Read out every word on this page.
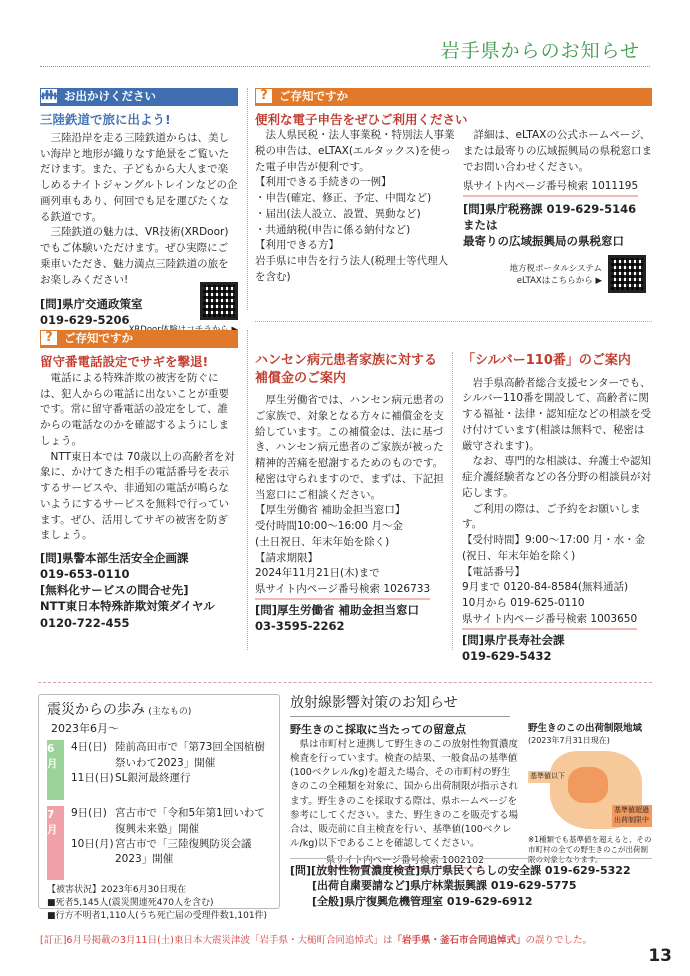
岩手県からのお知らせ
👪︎ お出かけください
三陸鉄道で旅に出よう!
三陸沿岸を走る三陸鉄道からは、美しい海岸と地形が織りなす絶景をご覧いただけます。また、子どもから大人まで楽しめるナイトジャングルトレインなどの企画列車もあり、何回でも足を運びたくなる鉄道です。
三陸鉄道の魅力は、VR技術(XRDoor)でもご体験いただけます。ぜひ実際にご乗車いただき、魅力満点三陸鉄道の旅をお楽しみください!
[問]県庁交通政策室
019-629-5206
? ご存知ですか
便利な電子申告をぜひご利用ください
法人県民税・法人事業税・特別法人事業税の申告は、eLTAX(エルタックス)を使った電子申告が便利です。
【利用できる手続きの一例】
・申告(確定、修正、予定、中間など)
・届出(法人設立、設置、異動など)
・共通納税(申告に係る納付など)
【利用できる方】
岩手県に申告を行う法人(税理士等代理人を含む)
詳細は、eLTAXの公式ホームページ、または最寄りの広域振興局の県税窓口までお問い合わせください。
県サイト内ページ番号検索 1011195
[問]県庁税務課 019-629-5146
または
最寄りの広域振興局の県税窓口
地方税ポータルシステム
eLTAXはこちらから ▶
? ご存知ですか
留守番電話設定でサギを撃退!
電話による特殊詐欺の被害を防ぐには、犯人からの電話に出ないことが重要です。常に留守番電話の設定をして、誰からの電話なのかを確認するようにしましょう。
NTT東日本では 70歳以上の高齢者を対象に、かけてきた相手の電話番号を表示するサービスや、非通知の電話が鳴らないようにするサービスを無料で行っています。ぜひ、活用してサギの被害を防ぎましょう。
[問]県警本部生活安全企画課
019-653-0110
[無料化サービスの問合せ先]
NTT東日本特殊詐欺対策ダイヤル
0120-722-455
ハンセン病元患者家族に対する補償金のご案内
厚生労働省では、ハンセン病元患者のご家族で、対象となる方々に補償金を支給しています。この補償金は、法に基づき、ハンセン病元患者のご家族が被った精神的苦痛を慰謝するためのものです。秘密は守られますので、まずは、下記担当窓口にご相談ください。
【厚生労働省 補助金担当窓口】
受付時間10:00〜16:00 月〜金
(土日祝日、年末年始を除く)
【請求期限】
2024年11月21日(木)まで
県サイト内ページ番号検索 1026733
[問]厚生労働省 補助金担当窓口
03-3595-2262
「シルバー110番」のご案内
岩手県高齢者総合支援センターでも、シルバー110番を開設して、高齢者に関する福祉・法律・認知症などの相談を受け付けています(相談は無料で、秘密は厳守されます)。
なお、専門的な相談は、弁護士や認知症介護経験者などの各分野の相談員が対応します。
ご利用の際は、ご予約をお願いします。
【受付時間】9:00〜17:00 月・水・金
(祝日、年末年始を除く)
【電話番号】
9月まで 0120-84-8584(無料通話)
10月から 019-625-0110
県サイト内ページ番号検索 1003650
[問]県庁長寿社会課
019-629-5432
震災からの歩み (主なもの)
2023年6月〜
6月
4日(日) 陸前高田市で「第73回全国植樹祭いわて2023」開催
11日(日) SL銀河最終運行
7月
9日(日) 宮古市で「令和5年第1回いわて復興未来塾」開催
10日(月) 宮古市で「三陸復興防災会議2023」開催
【被害状況】2023年6月30日現在
■死者5,145人(震災関連死470人を含む)
■行方不明者1,110人(うち死亡届の受理件数1,101件)
放射線影響対策のお知らせ
野生きのこ採取に当たっての留意点
県は市町村と連携して野生きのこの放射性物質濃度検査を行っています。検査の結果、一般食品の基準値(100ベクレル/kg)を超えた場合、その市町村の野生きのこの全種類を対象に、国から出荷制限が指示されます。野生きのこを採取する際は、県ホームページを参考にしてください。また、野生きのこを販売する場合は、販売前に自主検査を行い、基準値(100ベクレル/kg)以下であることを確認してください。
県サイト内ページ番号検索 1002102
野生きのこの出荷制限地域
(2023年7月31日現在)
基準値以下
基準値超過出荷制限中
※1種類でも基準値を超えると、その市町村の全ての野生きのこが出荷制限の対象となります。
[問][放射性物質濃度検査]県庁県民くらしの安全課 019-629-5322
[出荷自粛要請など]県庁林業振興課 019-629-5775
[全般]県庁復興危機管理室 019-629-6912
[訂正]6月号掲載の3月11日(土)東日本大震災津波「岩手県・大槌町合同追悼式」は「岩手県・釜石市合同追悼式」の誤りでした。
13
